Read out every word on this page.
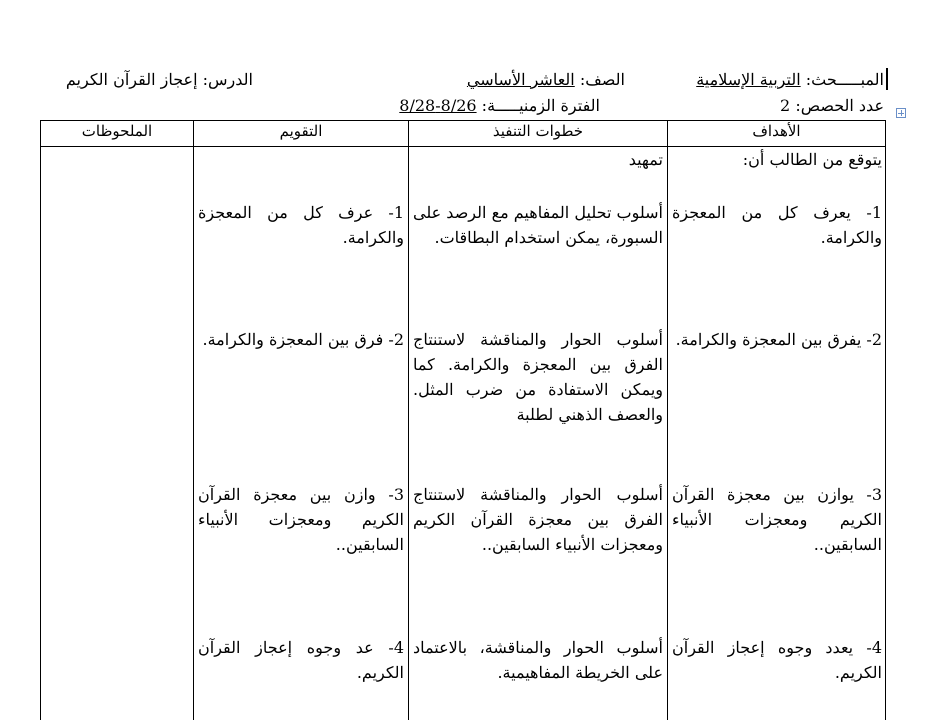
المبـــــحث: التربية الإسلامية
الصف: العاشر الأساسي
الدرس: إعجاز القرآن الكريم
عدد الحصص: 2
الفترة الزمنيـــــة: 8/26-8/28
الأهداف
خطوات التنفيذ
التقويم
الملحوظات
يتوقع من الطالب أن:
تمهيد
1- يعرف كل من المعجزة والكرامة.
أسلوب تحليل المفاهيم مع الرصد على السبورة، يمكن استخدام البطاقات.
1- عرف كل من المعجزة والكرامة.
2- يفرق بين المعجزة والكرامة.
أسلوب الحوار والمناقشة لاستنتاج الفرق بين المعجزة والكرامة. كما ويمكن الاستفادة من ضرب المثل. والعصف الذهني لطلبة
2- فرق بين المعجزة والكرامة.
3- يوازن بين معجزة القرآن الكريم ومعجزات الأنبياء السابقين..
أسلوب الحوار والمناقشة لاستنتاج الفرق بين معجزة القرآن الكريم ومعجزات الأنبياء السابقين..
3- وازن بين معجزة القرآن الكريم ومعجزات الأنبياء السابقين..
4- يعدد وجوه إعجاز القرآن الكريم.
أسلوب الحوار والمناقشة، بالاعتماد على الخريطة المفاهيمية.
4- عد وجوه إعجاز القرآن الكريم.
